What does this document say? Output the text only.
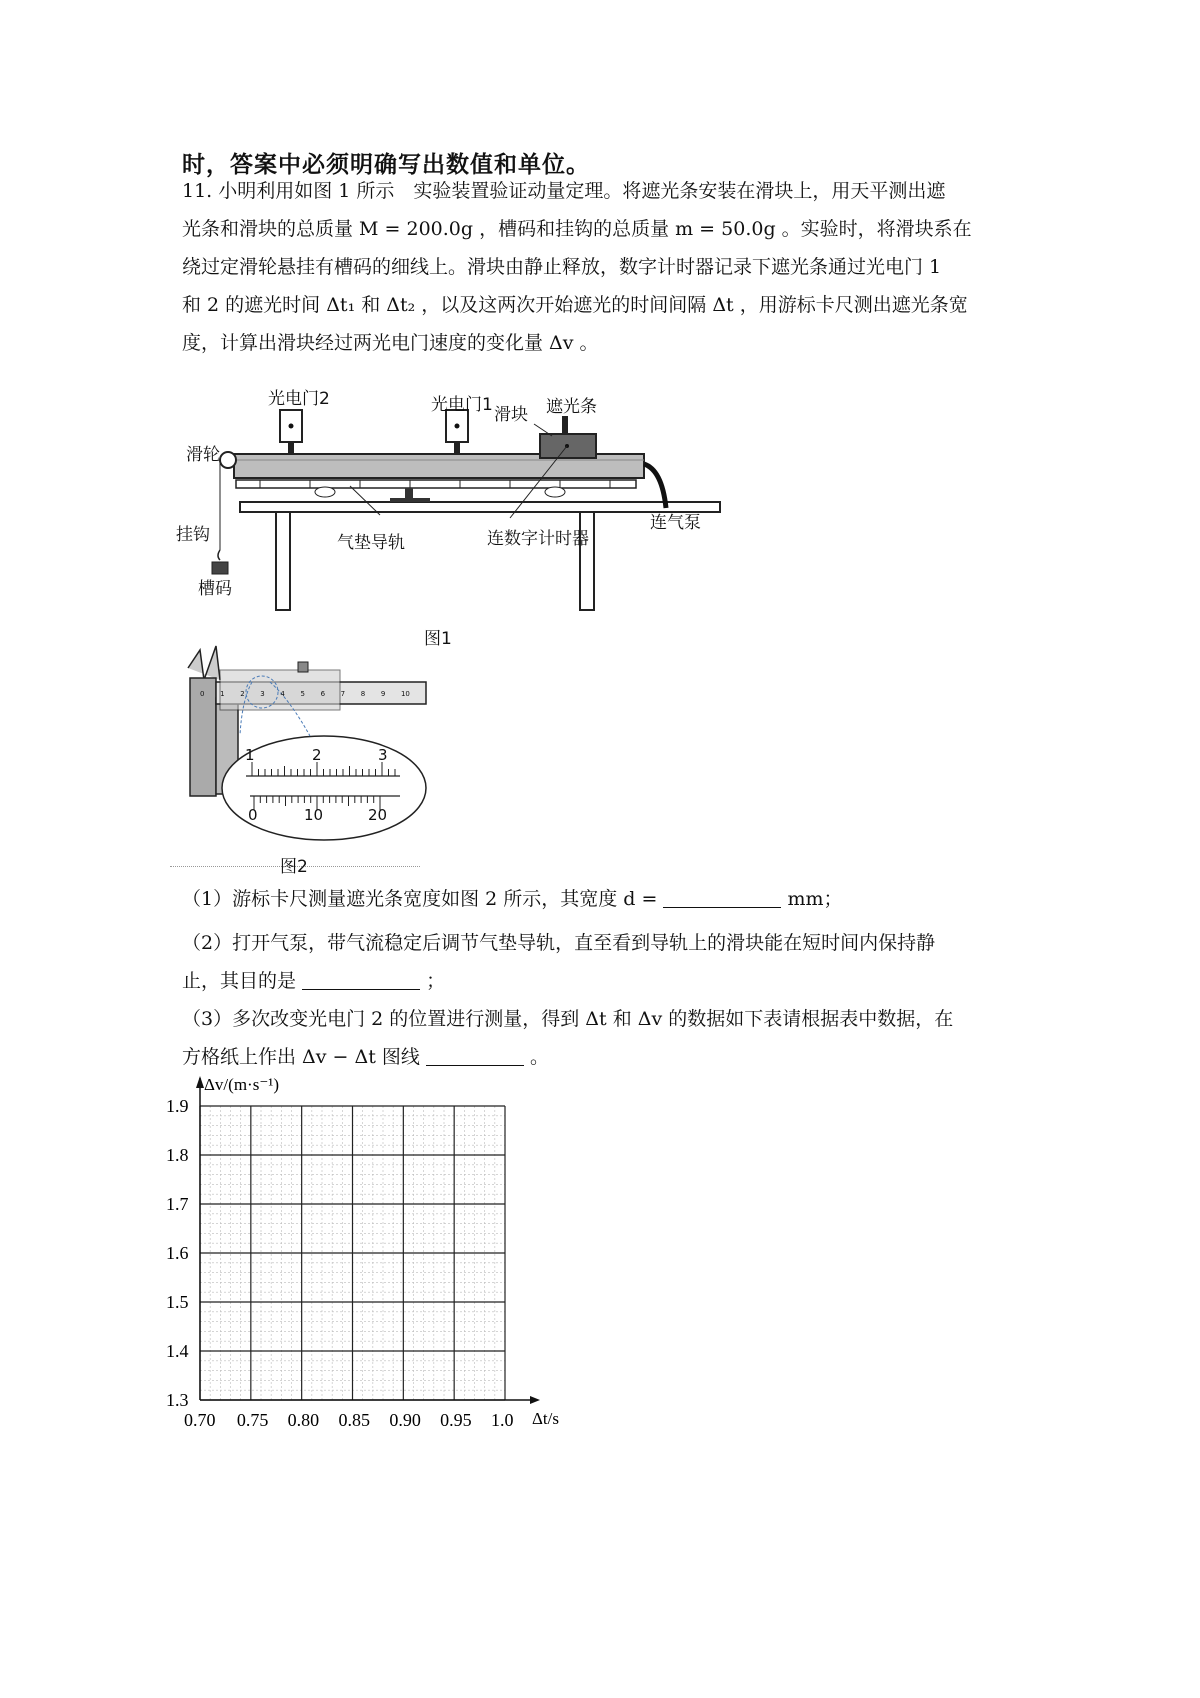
时，答案中必须明确写出数值和单位。
11. 小明利用如图 1 所示　实验装置验证动量定理。将遮光条安装在滑块上，用天平测出遮
光条和滑块的总质量 M = 200.0g ，槽码和挂钩的总质量 m = 50.0g 。实验时，将滑块系在
绕过定滑轮悬挂有槽码的细线上。滑块由静止释放，数字计时器记录下遮光条通过光电门 1
和 2 的遮光时间 Δt₁ 和 Δt₂ ，以及这两次开始遮光的时间间隔 Δt ，用游标卡尺测出遮光条宽
度，计算出滑块经过两光电门速度的变化量 Δv 。
光电门2	光电门1 滑块 遮光条
滑轮
挂钩
槽码
气垫导轨	连数字计时器
连气泵
图1
1	2	3
0	10	20
0 1 2 3 4 5 6 7 8 9 10
图2
（1）游标卡尺测量遮光条宽度如图 2 所示，其宽度 d =	mm；
（2）打开气泵，带气流稳定后调节气垫导轨，直至看到导轨上的滑块能在短时间内保持静
止，其目的是	；
（3）多次改变光电门 2 的位置进行测量，得到 Δt 和 Δv 的数据如下表请根据表中数据，在
方格纸上作出 Δv − Δt 图线	。
0.70 0.75 0.80 0.85 0.90 0.95 1.0
1.3
1.4
1.5
1.6
1.7
1.8
1.9
Δv/(m·s⁻¹)
Δt/s
